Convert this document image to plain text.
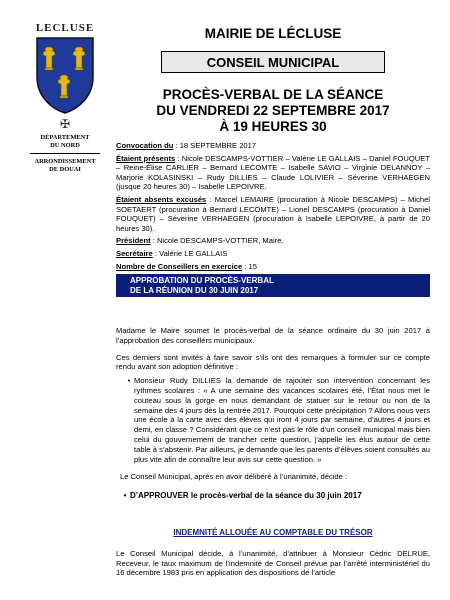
LECLUSE
✠
DÉPARTEMENT
DU NORD
ARRONDISSEMENT
DE DOUAI
MAIRIE DE LÉCLUSE
CONSEIL MUNICIPAL
PROCÈS-VERBAL DE LA SÉANCE
DU VENDREDI 22 SEPTEMBRE 2017
À 19 HEURES 30

Convocation du : 18 SEPTEMBRE 2017

Étaient présents : Nicole DESCAMPS-VOTTIER – Valérie LE GALLAIS – Daniel FOUQUET – Reine-Élise CARLIER – Bernard LECOMTE – Isabelle SAVIO – Virginie DELANNOY – Marjorie KOLASINSKI – Rudy DILLIES – Claude LOLIVIER – Séverine VERHAEGEN (jusque 20 heures 30) – Isabelle LEPOIVRE.

Étaient absents excusés : Marcel LEMAIRE (procuration à Nicole DESCAMPS) – Michel SOETAERT (procuration à Bernard LECOMTE) – Lionel DESCAMPS (procuration à Daniel FOUQUET) – Séverine VERHAEGEN (procuration à Isabelle LEPOIVRE, à partir de 20 heures 30).

Président : Nicole DESCAMPS-VOTTIER, Maire.

Secrétaire : Valérie LE GALLAIS

Nombre de Conseillers en exercice : 15

APPROBATION DU PROCÈS-VERBAL
DE LA RÉUNION DU 30 JUIN 2017

Madame le Maire soumet le procès-verbal de la séance ordinaire du 30 juin 2017 à l’approbation des conseillers municipaux.

Ces derniers sont invités à faire savoir s’ils ont des remarques à formuler sur ce compte rendu avant son adoption définitive :

• Monsieur Rudy DILLIES la demande de rajouter son intervention concernant les rythmes scolaires : « A une semaine des vacances scolaires été, l’État nous met le couteau sous la gorge en nous demandant de statuer sur le retour ou non de la semaine des 4 jours dès la rentrée 2017. Pourquoi cette précipitation ? Allons nous vers une école à la carte avec des élèves qui iront 4 jours par semaine, d’autres 4 jours et demi, en classe ? Considérant que ce n’est pas le rôle d’un conseil municipal mais bien celui du gouvernement de trancher cette question, j’appelle les élus autour de cette table à s’abstenir. Par ailleurs, je demande que les parents d’élèves soient consultés au plus vite afin de connaître leur avis sur cette question. »

Le Conseil Municipal, après en avoir délibéré à l’unanimité, décide :

• D’APPROUVER le procès-verbal de la séance du 30 juin 2017
INDEMNITÉ ALLOUÉE AU COMPTABLE DU TRÉSOR

Le Conseil Municipal décide, à l’unanimité, d’attribuer à Monsieur Cédric DELRUE, Receveur, le taux maximum de l’indemnité de Conseil prévue par l’arrêté interministériel du 16 décembre 1983 pris en application des dispositions de l’article
